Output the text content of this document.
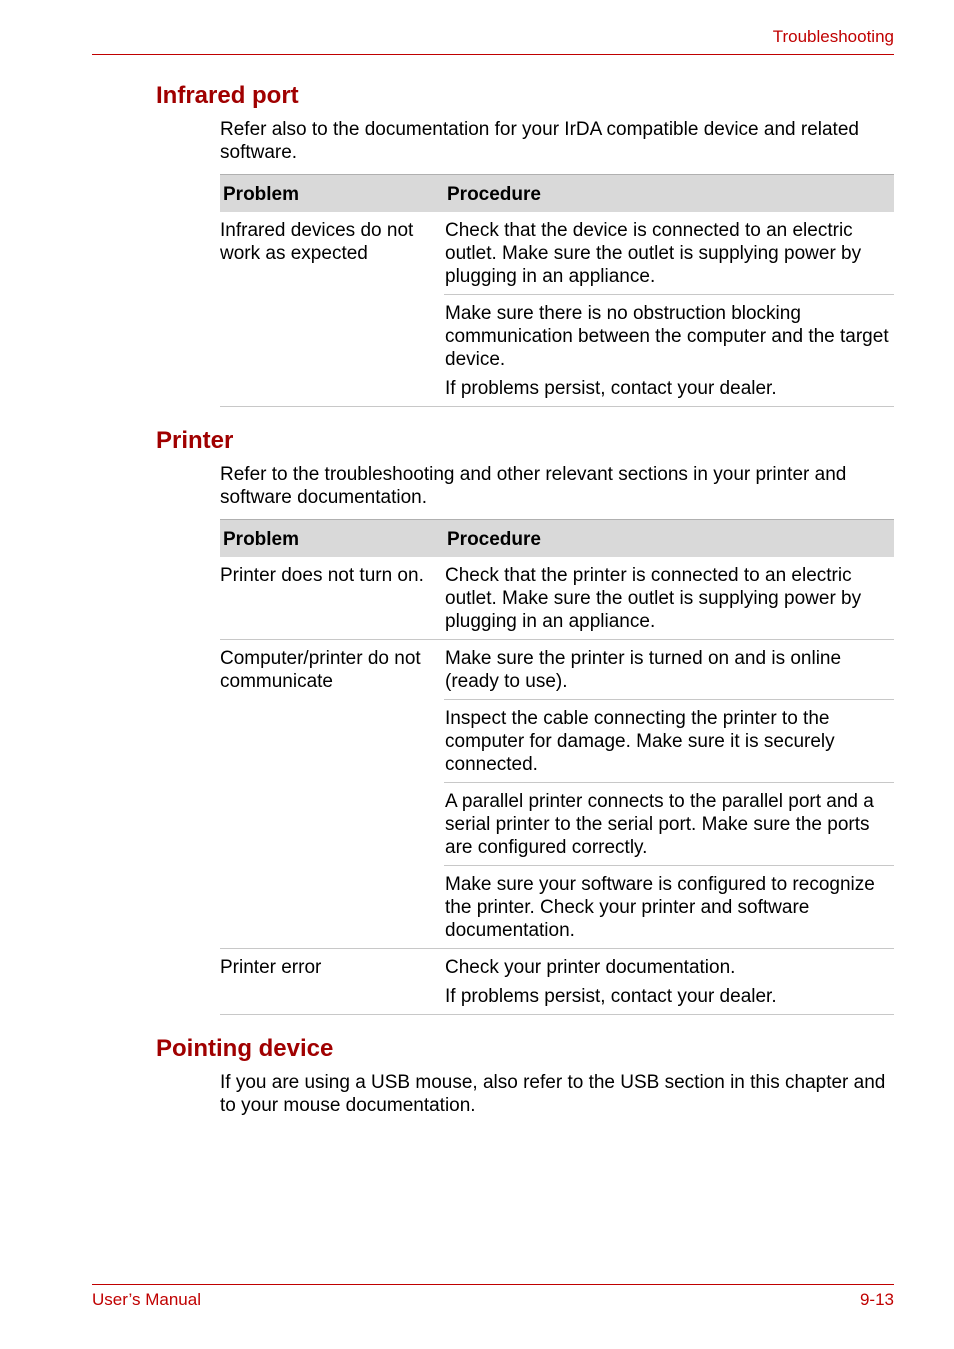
Troubleshooting
Infrared port

Refer also to the documentation for your IrDA compatible device and related software.

Problem	Procedure
Infrared devices do not work as expected	Check that the device is connected to an electric outlet. Make sure the outlet is supplying power by plugging in an appliance.

	Make sure there is no obstruction blocking communication between the computer and the target device.
If problems persist, contact your dealer.
Printer

Refer to the troubleshooting and other relevant sections in your printer and software documentation.

Problem	Procedure
Printer does not turn on.	Check that the printer is connected to an electric outlet. Make sure the outlet is supplying power by plugging in an appliance.

Computer/printer do not communicate	Make sure the printer is turned on and is online (ready to use).

	Inspect the cable connecting the printer to the computer for damage. Make sure it is securely connected.

	A parallel printer connects to the parallel port and a serial printer to the serial port. Make sure the ports are configured correctly.

	Make sure your software is configured to recognize the printer. Check your printer and software documentation.

Printer error	Check your printer documentation.
If problems persist, contact your dealer.
Pointing device

If you are using a USB mouse, also refer to the USB section in this chapter and to your mouse documentation.

User’s Manual	9-13
